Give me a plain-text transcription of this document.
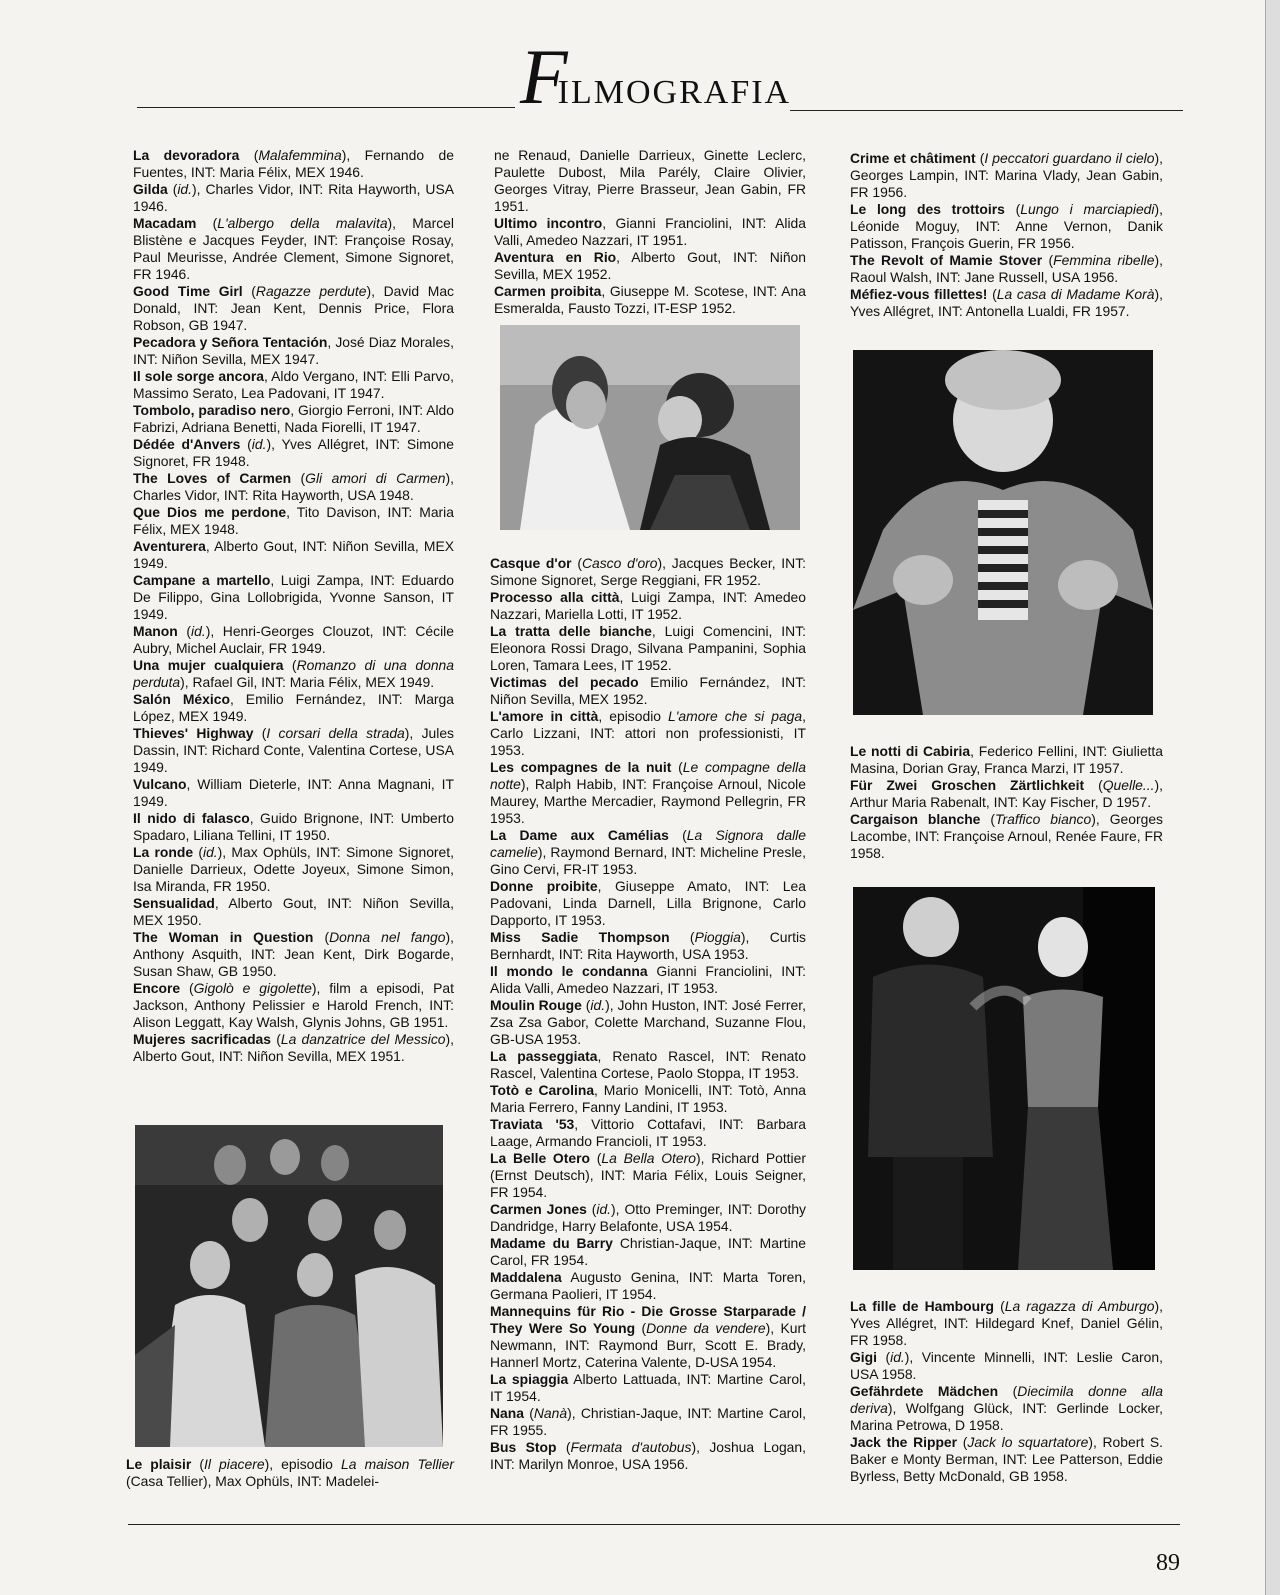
FILMOGRAFIA

La devoradora (Malafemmina), Fernando de Fuentes, INT: Maria Félix, MEX 1946.

Gilda (id.), Charles Vidor, INT: Rita Hayworth, USA 1946.

Macadam (L'albergo della malavita), Marcel Blistène e Jacques Feyder, INT: Françoise Rosay, Paul Meurisse, Andrée Clement, Simone Signoret, FR 1946.

Good Time Girl (Ragazze perdute), David Mac Donald, INT: Jean Kent, Dennis Price, Flora Robson, GB 1947.

Pecadora y Señora Tentación, José Diaz Morales, INT: Niñon Sevilla, MEX 1947.

Il sole sorge ancora, Aldo Vergano, INT: Elli Parvo, Massimo Serato, Lea Padovani, IT 1947.

Tombolo, paradiso nero, Giorgio Ferroni, INT: Aldo Fabrizi, Adriana Benetti, Nada Fiorelli, IT 1947.

Dédée d'Anvers (id.), Yves Allégret, INT: Simone Signoret, FR 1948.

The Loves of Carmen (Gli amori di Carmen), Charles Vidor, INT: Rita Hayworth, USA 1948.

Que Dios me perdone, Tito Davison, INT: Maria Félix, MEX 1948.

Aventurera, Alberto Gout, INT: Niñon Sevilla, MEX 1949.

Campane a martello, Luigi Zampa, INT: Eduardo De Filippo, Gina Lollobrigida, Yvonne Sanson, IT 1949.

Manon (id.), Henri-Georges Clouzot, INT: Cécile Aubry, Michel Auclair, FR 1949.

Una mujer cualquiera (Romanzo di una donna perduta), Rafael Gil, INT: Maria Félix, MEX 1949.

Salón México, Emilio Fernández, INT: Marga López, MEX 1949.

Thieves' Highway (I corsari della strada), Jules Dassin, INT: Richard Conte, Valentina Cortese, USA 1949.

Vulcano, William Dieterle, INT: Anna Magnani, IT 1949.

Il nido di falasco, Guido Brignone, INT: Umberto Spadaro, Liliana Tellini, IT 1950.

La ronde (id.), Max Ophüls, INT: Simone Signoret, Danielle Darrieux, Odette Joyeux, Simone Simon, Isa Miranda, FR 1950.

Sensualidad, Alberto Gout, INT: Niñon Sevilla, MEX 1950.

The Woman in Question (Donna nel fango), Anthony Asquith, INT: Jean Kent, Dirk Bogarde, Susan Shaw, GB 1950.

Encore (Gigolò e gigolette), film a episodi, Pat Jackson, Anthony Pelissier e Harold French, INT: Alison Leggatt, Kay Walsh, Glynis Johns, GB 1951.

Mujeres sacrificadas (La danzatrice del Messico), Alberto Gout, INT: Niñon Sevilla, MEX 1951.

Le plaisir (Il piacere), episodio La maison Tellier (Casa Tellier), Max Ophüls, INT: Madelei-

ne Renaud, Danielle Darrieux, Ginette Leclerc, Paulette Dubost, Mila Parély, Claire Olivier, Georges Vitray, Pierre Brasseur, Jean Gabin, FR 1951.

Ultimo incontro, Gianni Franciolini, INT: Alida Valli, Amedeo Nazzari, IT 1951.

Aventura en Rio, Alberto Gout, INT: Niñon Sevilla, MEX 1952.

Carmen proibita, Giuseppe M. Scotese, INT: Ana Esmeralda, Fausto Tozzi, IT-ESP 1952.

Casque d'or (Casco d'oro), Jacques Becker, INT: Simone Signoret, Serge Reggiani, FR 1952.

Processo alla città, Luigi Zampa, INT: Amedeo Nazzari, Mariella Lotti, IT 1952.

La tratta delle bianche, Luigi Comencini, INT: Eleonora Rossi Drago, Silvana Pampanini, Sophia Loren, Tamara Lees, IT 1952.

Victimas del pecado Emilio Fernández, INT: Niñon Sevilla, MEX 1952.

L'amore in città, episodio L'amore che si paga, Carlo Lizzani, INT: attori non professionisti, IT 1953.

Les compagnes de la nuit (Le compagne della notte), Ralph Habib, INT: Françoise Arnoul, Nicole Maurey, Marthe Mercadier, Raymond Pellegrin, FR 1953.

La Dame aux Camélias (La Signora dalle camelie), Raymond Bernard, INT: Micheline Presle, Gino Cervi, FR-IT 1953.

Donne proibite, Giuseppe Amato, INT: Lea Padovani, Linda Darnell, Lilla Brignone, Carlo Dapporto, IT 1953.

Miss Sadie Thompson (Pioggia), Curtis Bernhardt, INT: Rita Hayworth, USA 1953.

Il mondo le condanna Gianni Franciolini, INT: Alida Valli, Amedeo Nazzari, IT 1953.

Moulin Rouge (id.), John Huston, INT: José Ferrer, Zsa Zsa Gabor, Colette Marchand, Suzanne Flou, GB-USA 1953.

La passeggiata, Renato Rascel, INT: Renato Rascel, Valentina Cortese, Paolo Stoppa, IT 1953.

Totò e Carolina, Mario Monicelli, INT: Totò, Anna Maria Ferrero, Fanny Landini, IT 1953.

Traviata '53, Vittorio Cottafavi, INT: Barbara Laage, Armando Francioli, IT 1953.

La Belle Otero (La Bella Otero), Richard Pottier (Ernst Deutsch), INT: Maria Félix, Louis Seigner, FR 1954.

Carmen Jones (id.), Otto Preminger, INT: Dorothy Dandridge, Harry Belafonte, USA 1954.

Madame du Barry Christian-Jaque, INT: Martine Carol, FR 1954.

Maddalena Augusto Genina, INT: Marta Toren, Germana Paolieri, IT 1954.

Mannequins für Rio - Die Grosse Starparade / They Were So Young (Donne da vendere), Kurt Newmann, INT: Raymond Burr, Scott E. Brady, Hannerl Mortz, Caterina Valente, D-USA 1954.

La spiaggia Alberto Lattuada, INT: Martine Carol, IT 1954.

Nana (Nanà), Christian-Jaque, INT: Martine Carol, FR 1955.

Bus Stop (Fermata d'autobus), Joshua Logan, INT: Marilyn Monroe, USA 1956.

Crime et châtiment (I peccatori guardano il cielo), Georges Lampin, INT: Marina Vlady, Jean Gabin, FR 1956.

Le long des trottoirs (Lungo i marciapiedi), Léonide Moguy, INT: Anne Vernon, Danik Patisson, François Guerin, FR 1956.

The Revolt of Mamie Stover (Femmina ribelle), Raoul Walsh, INT: Jane Russell, USA 1956.

Méfiez-vous fillettes! (La casa di Madame Korà), Yves Allégret, INT: Antonella Lualdi, FR 1957.

Le notti di Cabiria, Federico Fellini, INT: Giulietta Masina, Dorian Gray, Franca Marzi, IT 1957.

Für Zwei Groschen Zärtlichkeit (Quelle...), Arthur Maria Rabenalt, INT: Kay Fischer, D 1957.

Cargaison blanche (Traffico bianco), Georges Lacombe, INT: Françoise Arnoul, Renée Faure, FR 1958.

La fille de Hambourg (La ragazza di Amburgo), Yves Allégret, INT: Hildegard Knef, Daniel Gélin, FR 1958.

Gigi (id.), Vincente Minnelli, INT: Leslie Caron, USA 1958.

Gefährdete Mädchen (Diecimila donne alla deriva), Wolfgang Glück, INT: Gerlinde Locker, Marina Petrowa, D 1958.

Jack the Ripper (Jack lo squartatore), Robert S. Baker e Monty Berman, INT: Lee Patterson, Eddie Byrless, Betty McDonald, GB 1958.

89
